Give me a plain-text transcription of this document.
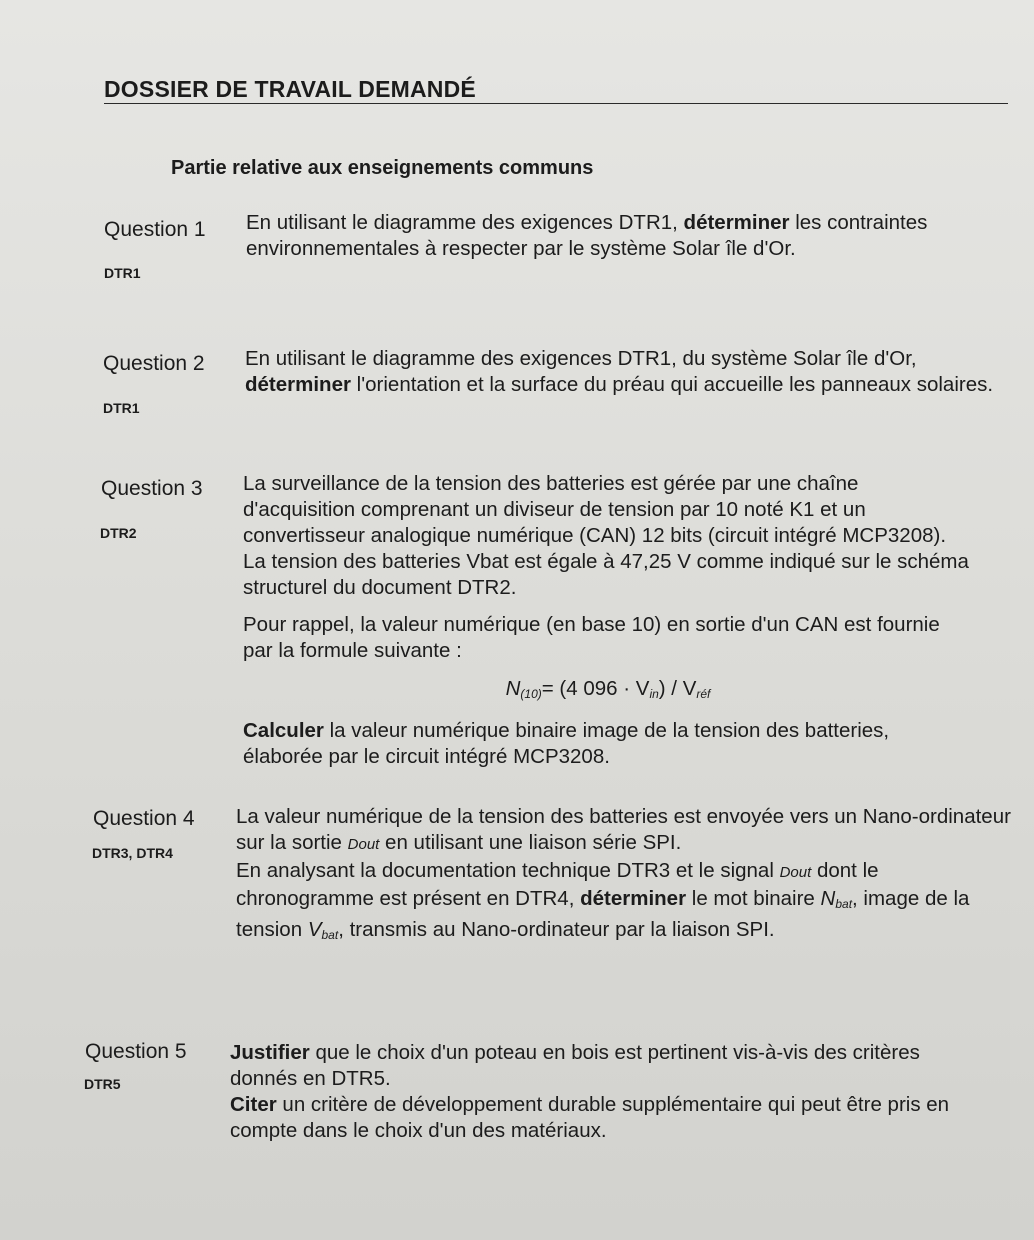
DOSSIER DE TRAVAIL DEMANDÉ
Partie relative aux enseignements communs
Question 1
DTR1
En utilisant le diagramme des exigences DTR1, déterminer les contraintes environnementales à respecter par le système Solar île d'Or.
Question 2
DTR1
En utilisant le diagramme des exigences DTR1, du système Solar île d'Or, déterminer l'orientation et la surface du préau qui accueille les panneaux solaires.
Question 3
DTR2

La surveillance de la tension des batteries est gérée par une chaîne d'acquisition comprenant un diviseur de tension par 10 noté K1 et un convertisseur analogique numérique (CAN) 12 bits (circuit intégré MCP3208). La tension des batteries Vbat est égale à 47,25 V comme indiqué sur le schéma structurel du document DTR2.

Pour rappel, la valeur numérique (en base 10) en sortie d'un CAN est fournie par la formule suivante :

$N_{(10)}= (4$ $096 \cdot V_{in}) / V_{réf}$

Calculer la valeur numérique binaire image de la tension des batteries, élaborée par le circuit intégré MCP3208.

Question 4
DTR3, DTR4

La valeur numérique de la tension des batteries est envoyée vers un Nano-ordinateur sur la sortie Dout en utilisant une liaison série SPI.

En analysant la documentation technique DTR3 et le signal Dout dont le chronogramme est présent en DTR4, déterminer le mot binaire $N_{bat}$, image de la tension $V_{bat}$, transmis au Nano-ordinateur par la liaison SPI.

Question 5
DTR5

Justifier que le choix d'un poteau en bois est pertinent vis-à-vis des critères donnés en DTR5.

Citer un critère de développement durable supplémentaire qui peut être pris en compte dans le choix d'un des matériaux.
